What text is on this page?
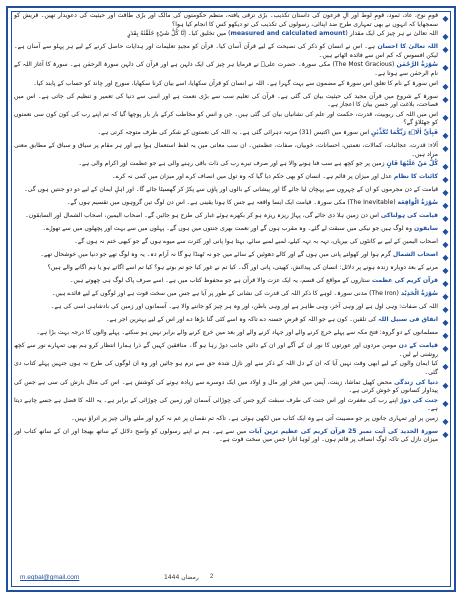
◆
قومِ نوح، عاد، ثمود، قومِ لوط اور آلِ فرعون کی داستان تکذیب۔ بڑی ترقی یافتہ، منظم حکومتوں کی مالک اور بڑی طاقت اور حیثیت کی دعویدار تھیں۔ قریش کو سمجھایا کہ انہوں نے بھی تمہاری طرح ضد اپنائی، رسولوں کی تکذیب کی تو دیکھو کس کا انجام کیا ہوا؟
◆
اللہ تعالیٰ نے ہر چیز کی ایک مقدار (measured and calculated amount) میں تخلیق کیا۔ اِنَّا كُلَّ شَيْءٍ خَلَقْنٰهُ بِقَدَرٍ
◆
اللہ تعالیٰ کا احسان ہے۔ اس نے انسان کو ذکر کی نصیحت کے لیے قرآن آسان کیا۔ قرآن کو مجیدِ تعلیمات اور ہدایات حاصل کرنے کے لیے ہر پہلو سے آسان ہے۔ لیکن افسوس کہ کم اس سے فائدہ اٹھاتے ہیں۔
◆
سُوْرَةُ الرَّحْمٰن (The Most Gracious) مکی سورۃ۔ حضرت علیؓ نے فرمایا ہر چیز کی ایک دلہن ہے اور قرآن کی دلہن سورۃ الرحمٰن ہے۔ سورۃ کا آغاز اللہ کے نام الرحمٰن سے ہوتا ہے۔
◆
اس سورۃ کے نام کا تعلق اس سورۃ کے مضمون سے بہت گہرا ہے۔ اللہ نے انسان کو قرآن سکھایا، اسے بیان کرنا سکھایا، سورج اور چاند کو حساب کے پابند کیا۔
◆
سورۃ کے شروع میں قرآن مجید کی حیثیت بیان کی گئی ہے۔ قرآن کی تعلیم سب سے بڑی نعمت ہے اور اسی سے دنیا کی تعمیر و تنظیم کی جاتی ہے۔ اس میں فصاحت، بلاغت اور حسن بیان کا اعجاز ہے۔
◆
اس میں اللہ کی ربوبیت، قدرت، حکمت اور علم کی نشانیاں بیان کی گئی ہیں۔ جن و انس کو مخاطب کرکے بار بار پوچھا گیا کہ تم اپنے رب کی کون کون سی نعمتوں کو جھٹلاؤ گے؟
◆
فَبِاَيِّ اٰلَاۗءِ رَبِّكُمَا تُكَذِّبٰنِ اس سورۃ میں اکتیس (31) مرتبہ دہرائی گئی ہے۔ یہ اللہ کی نعمتوں کے شکر کی طرف متوجہ کرتی ہے۔
◆
آلاء: قدرت، عجائبات، کمالات، نعمتیں، احسانات، خوبیاں، صفات، عظمتیں۔ ان سب معانی میں یہ لفظ استعمال ہوا ہے اور ہر مقام پر سیاق و سباق کے مطابق معنی مراد ہیں۔
◆
كُلُّ مَنْ عَلَيْهَا فَانٍ زمین پر جو کچھ ہے سب فنا ہونے والا ہے اور صرف تیرے رب کی ذات باقی رہنے والی ہے جو عظمت اور اکرام والی ہے۔
◆
کائنات کا نظام عدل اور میزان پر قائم ہے۔ انسان کو بھی حکم دیا گیا کہ وہ تول میں انصاف کرے اور میزان میں کمی نہ کرے۔
◆
قیامت کے دن مجرموں کو ان کے چہروں سے پہچان لیا جائے گا اور پیشانی کے بالوں اور پاؤں سے پکڑ کر گھسیٹا جائے گا۔ اور اہلِ ایمان کے لیے دو دو جنتیں ہوں گی۔
◆
سُوْرَةُ الْوَاقِعَة (The Inevitable) مکی سورۃ۔ قیامت ایک ایسا واقعہ ہے جس کا ہونا یقینی ہے۔ اس دن لوگ تین گروہوں میں تقسیم ہوں گے۔
◆
قیامت کی ہولناکی اس دن زمین ہلا دی جائے گی، پہاڑ ریزہ ریزہ ہو کر بکھرے ہوئے غبار کی طرح ہو جائیں گے۔ اصحاب الیمین، اصحاب الشمال اور السابقون۔
◆
سابقون وہ لوگ ہیں جو نیکی میں سبقت لے گئے۔ وہ مقرب ہوں گے اور نعمت بھری جنتوں میں ہوں گے۔ پہلوں میں سے بہت اور پچھلوں میں سے تھوڑے۔
◆
اصحاب الیمین کے لیے بے کانٹوں کی بیریاں، تہہ بہ تہہ کیلے، لمبے لمبے سائے، بہتا ہوا پانی اور کثرت سے میوے ہوں گے جو کبھی ختم نہ ہوں گے۔
◆
اصحاب الشمال گرم ہوا اور کھولتے پانی میں ہوں گے اور کالے دھوئیں کے سائے میں جو نہ ٹھنڈا ہو گا نہ آرام دہ۔ یہ وہ لوگ تھے جو دنیا میں خوشحال تھے۔
◆
مرنے کے بعد دوبارہ زندہ ہونے پر دلائل: انسان کی پیدائش، کھیتی، پانی اور آگ۔ کیا تم نے غور کیا جو تم بوتے ہو؟ کیا تم اسے اگاتے ہو یا ہم اگانے والے ہیں؟
◆
قرآن کریم کی عظمت ستاروں کے مواقع کی قسم، یہ ایک عزت والا قرآن ہے جو محفوظ کتاب میں ہے۔ اسے صرف پاک لوگ ہی چھوتے ہیں۔
◆
سُوْرَةُ الْحَدِيْد (The Iron) مدنی سورۃ۔ لوہے کا ذکر اللہ کی قدرت کی نشانی کے طور پر آیا ہے جس میں سخت قوت ہے اور لوگوں کے لیے فائدے ہیں۔
◆
اللہ کی صفات: وہی اول ہے اور وہی آخر، وہی ظاہر ہے اور وہی باطن، اور وہ ہر چیز کو جاننے والا ہے۔ آسمانوں اور زمین کی بادشاہی اسی کی ہے۔
◆
انفاق فی سبیل اللہ کی تلقین۔ کون ہے جو اللہ کو قرضِ حسنہ دے تاکہ وہ اسے کئی گنا بڑھا دے اور اس کے لیے بہترین اجر ہے۔
◆
مسلمانوں کے دو گروہ: فتح مکہ سے پہلے خرچ کرنے والے اور جہاد کرنے والے اور بعد میں خرچ کرنے والے برابر نہیں ہو سکتے۔ پہلے والوں کا درجہ بہت بڑا ہے۔
◆
قیامت کے دن مومن مردوں اور عورتوں کا نور ان کے آگے اور ان کے دائیں جانب دوڑ رہا ہو گا۔ منافقین کہیں گے ذرا ہمارا انتظار کرو ہم بھی تمہارے نور سے کچھ روشنی لے لیں۔
◆
کیا ایمان والوں کے لیے ابھی وقت نہیں آیا کہ ان کے دل اللہ کے ذکر سے اور نازل شدہ حق سے نرم ہو جائیں اور وہ ان لوگوں کی طرح نہ ہوں جنہیں پہلے کتاب دی گئی۔
◆
دنیا کی زندگی محض کھیل تماشا، زینت، آپس میں فخر اور مال و اولاد میں ایک دوسرے سے زیادہ ہونے کی کوشش ہے۔ اس کی مثال بارش کی سی ہے جس کی پیداوار کسانوں کو خوش کرتی ہے۔
◆
جنت کی دوڑ اپنے رب کی مغفرت اور اس جنت کی طرف سبقت کرو جس کی چوڑائی آسمان اور زمین کی چوڑائی کے برابر ہے۔ یہ اللہ کا فضل ہے جسے چاہے دیتا ہے۔
◆
زمین پر اور تمہاری جانوں پر جو مصیبت آتی ہے وہ ایک کتاب میں لکھی ہوئی ہے۔ تاکہ تم نقصان پر غم نہ کرو اور ملنے والی چیز پر اتراؤ نہیں۔
◆
سورۃ الحدید کی آیت نمبر 25 قرآن کریم کی عظیم ترین آیات میں سے ہے۔ ہم نے اپنے رسولوں کو واضح دلائل کے ساتھ بھیجا اور ان کے ساتھ کتاب اور میزان نازل کی تاکہ لوگ انصاف پر قائم ہوں۔ اور لوہا اتارا جس میں سخت قوت ہے۔
m.eqbal@gmail.com	رمضان 1444 2
